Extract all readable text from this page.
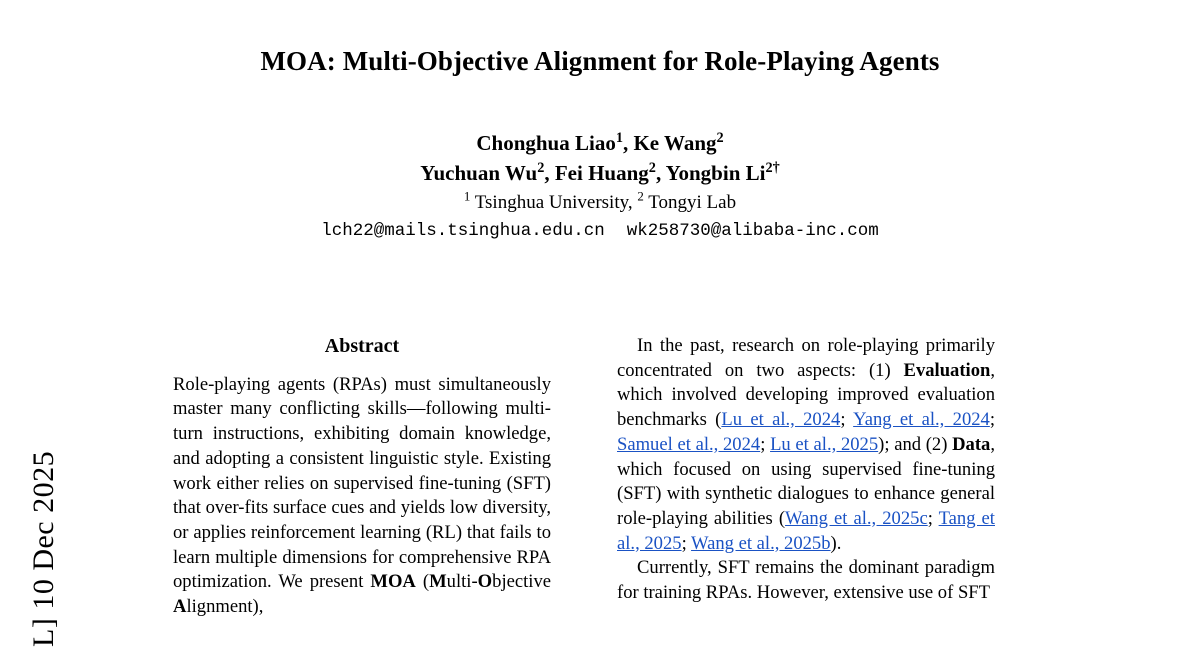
L] 10 Dec 2025
MOA: Multi-Objective Alignment for Role-Playing Agents
Chonghua Liao$^1$, Ke Wang$^2$
Yuchuan Wu$^2$, Fei Huang$^2$, Yongbin $Li^{2\dagger}$
$^1$ Tsinghua University, $^2$ Tongyi Lab
lch22@mails.tsinghua.edu.cn wk258730@alibaba-inc.com
Abstract

Role-playing agents (RPAs) must simultaneously master many conflicting skills—following multi-turn instructions, exhibiting domain knowledge, and adopting a consistent linguistic style. Existing work either relies on supervised fine-tuning (SFT) that over-fits surface cues and yields low diversity, or applies reinforcement learning (RL) that fails to learn multiple dimensions for comprehensive RPA optimization. We present MOA (Multi-Objective Alignment),

In the past, research on role-playing primarily concentrated on two aspects: (1) Evaluation, which involved developing improved evaluation benchmarks (Lu et al., 2024; Yang et al., 2024; Samuel et al., 2024; Lu et al., 2025); and (2) Data, which focused on using supervised fine-tuning (SFT) with synthetic dialogues to enhance general role-playing abilities (Wang et al., 2025c; Tang et al., 2025; Wang et al., 2025b).

Currently, SFT remains the dominant paradigm for training RPAs. However, extensive use of SFT
